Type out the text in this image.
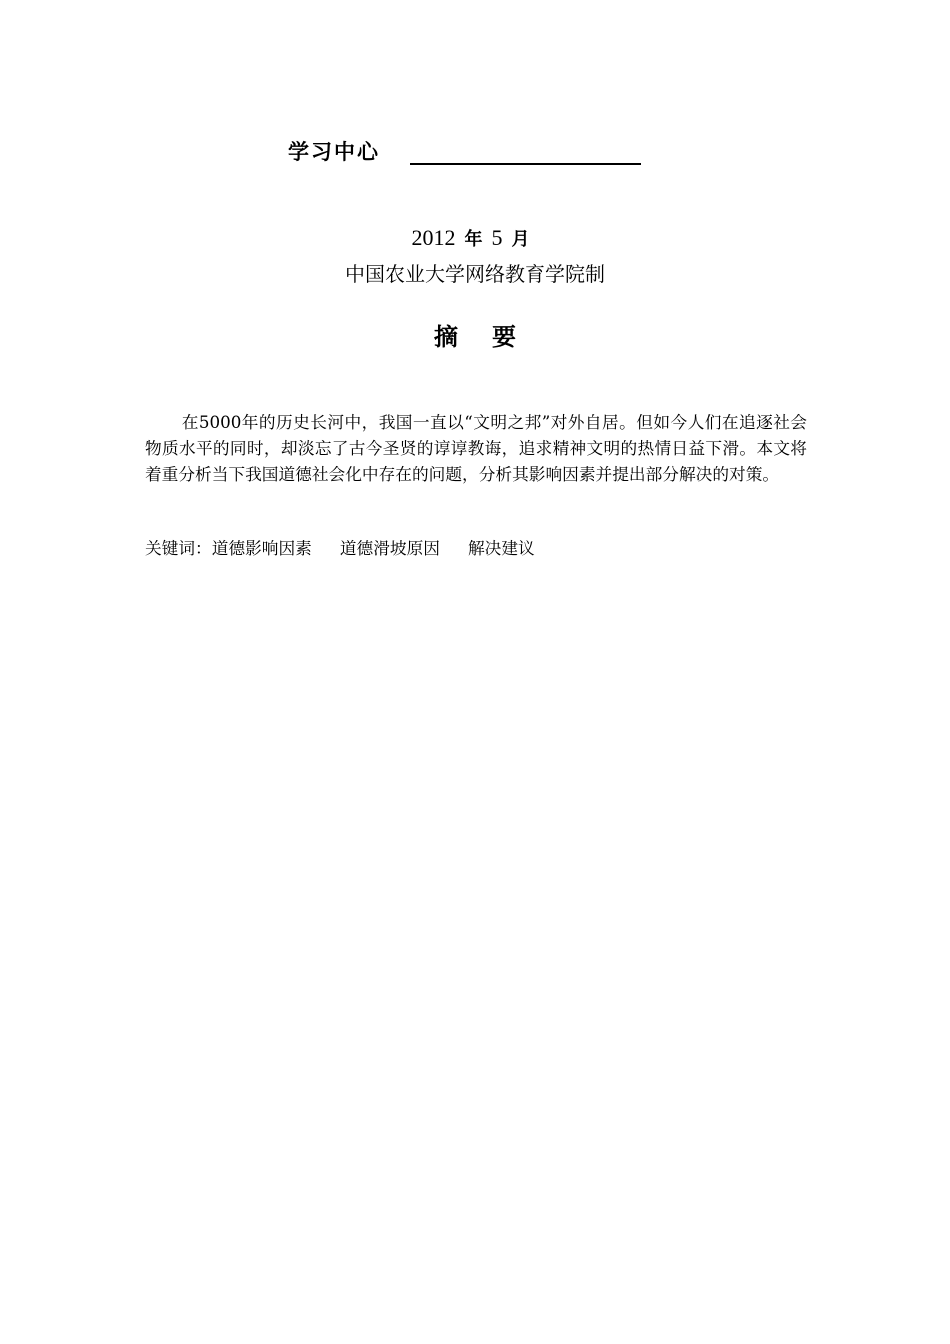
学习中心
2012 年 5 月
中国农业大学网络教育学院制
摘 要

在5000年的历史长河中，我国一直以“文明之邦”对外自居。但如今人们在追逐社会物质水平的同时，却淡忘了古今圣贤的谆谆教诲，追求精神文明的热情日益下滑。本文将着重分析当下我国道德社会化中存在的问题，分析其影响因素并提出部分解决的对策。

关键词：道德影响因素 道德滑坡原因 解决建议
